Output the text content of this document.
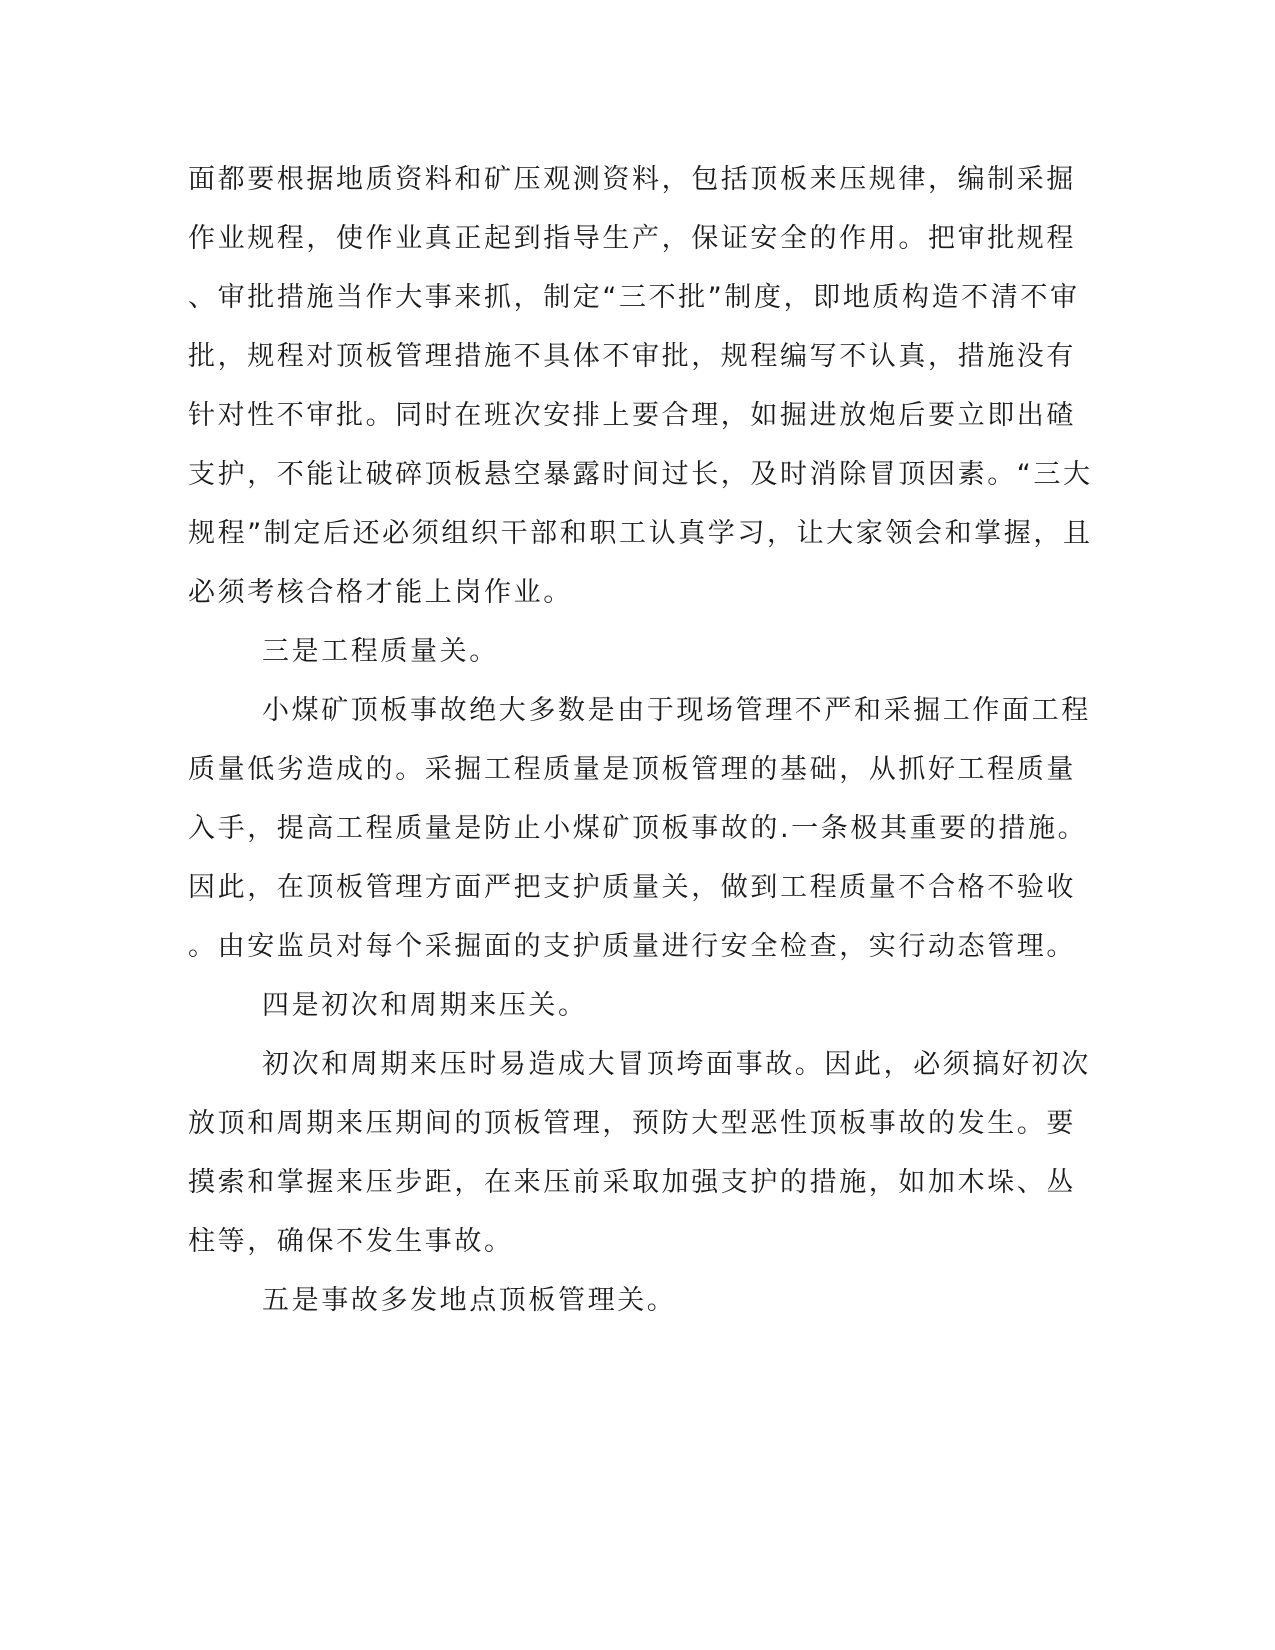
面都要根据地质资料和矿压观测资料，包括顶板来压规律，编制采掘
作业规程，使作业真正起到指导生产，保证安全的作用。把审批规程
、审批措施当作大事来抓，制定“三不批”制度，即地质构造不清不审
批，规程对顶板管理措施不具体不审批，规程编写不认真，措施没有
针对性不审批。同时在班次安排上要合理，如掘进放炮后要立即出碴
支护，不能让破碎顶板悬空暴露时间过长，及时消除冒顶因素。“三大
规程”制定后还必须组织干部和职工认真学习，让大家领会和掌握，且
必须考核合格才能上岗作业。
三是工程质量关。
小煤矿顶板事故绝大多数是由于现场管理不严和采掘工作面工程
质量低劣造成的。采掘工程质量是顶板管理的基础，从抓好工程质量
入手，提高工程质量是防止小煤矿顶板事故的.一条极其重要的措施。
因此，在顶板管理方面严把支护质量关，做到工程质量不合格不验收
。由安监员对每个采掘面的支护质量进行安全检查，实行动态管理。
四是初次和周期来压关。
初次和周期来压时易造成大冒顶垮面事故。因此，必须搞好初次
放顶和周期来压期间的顶板管理，预防大型恶性顶板事故的发生。要
摸索和掌握来压步距，在来压前采取加强支护的措施，如加木垛、丛
柱等，确保不发生事故。
五是事故多发地点顶板管理关。
